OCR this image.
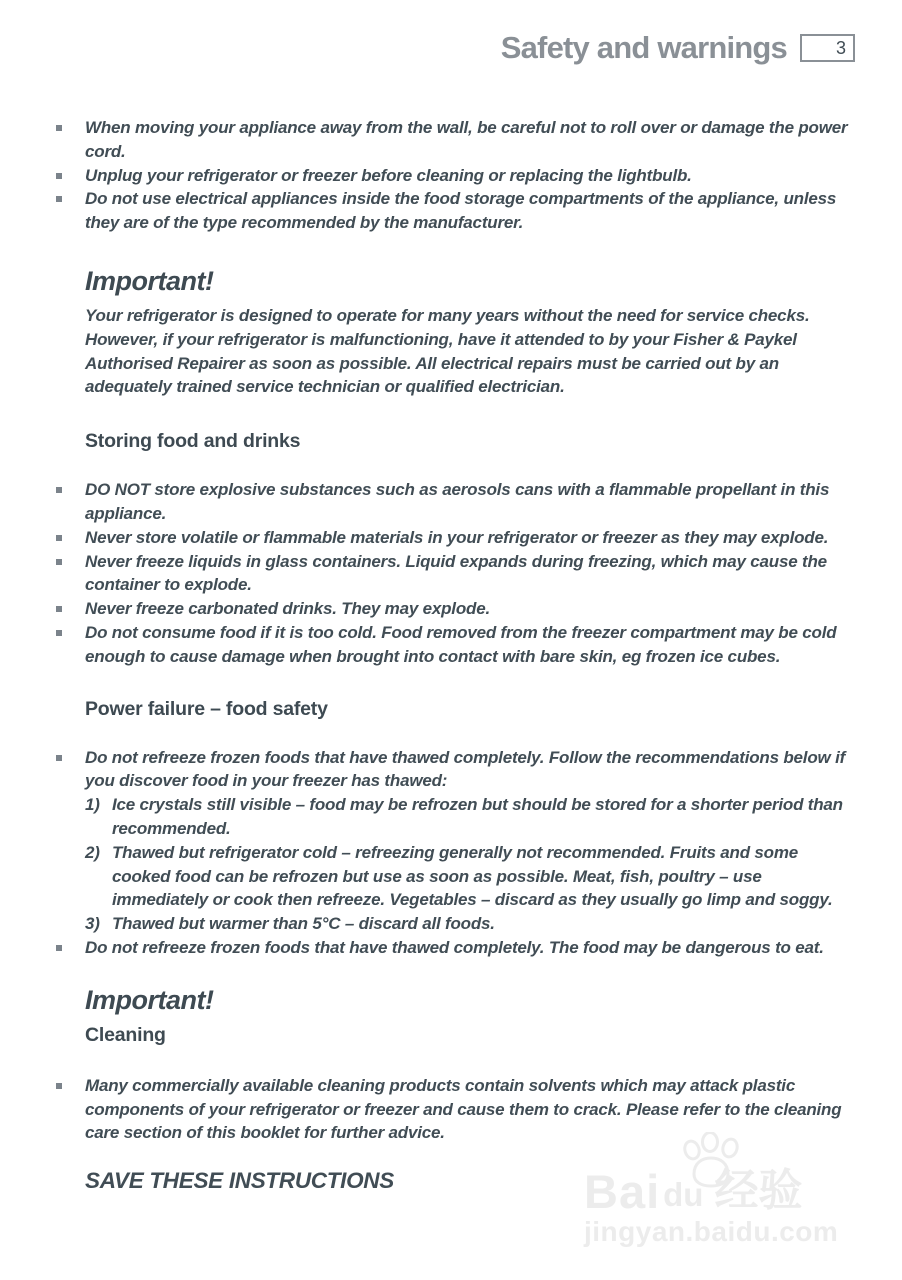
Safety and warnings	3
When moving your appliance away from the wall, be careful not to roll over or damage the power cord.
Unplug your refrigerator or freezer before cleaning or replacing the lightbulb.
Do not use electrical appliances inside the food storage compartments of the appliance, unless they are of the type recommended by the manufacturer.
Important!

Your refrigerator is designed to operate for many years without the need for service checks. However, if your refrigerator is malfunctioning, have it attended to by your Fisher & Paykel Authorised Repairer as soon as possible. All electrical repairs must be carried out by an adequately trained service technician or qualified electrician.

Storing food and drinks
DO NOT store explosive substances such as aerosols cans with a flammable propellant in this appliance.
Never store volatile or flammable materials in your refrigerator or freezer as they may explode.
Never freeze liquids in glass containers. Liquid expands during freezing, which may cause the container to explode.
Never freeze carbonated drinks. They may explode.
Do not consume food if it is too cold. Food removed from the freezer compartment may be cold enough to cause damage when brought into contact with bare skin, eg frozen ice cubes.
Power failure – food safety
Do not refreeze frozen foods that have thawed completely. Follow the recommendations below if you discover food in your freezer has thawed:
1) Ice crystals still visible – food may be refrozen but should be stored for a shorter period than recommended.
2) Thawed but refrigerator cold – refreezing generally not recommended. Fruits and some cooked food can be refrozen but use as soon as possible. Meat, fish, poultry – use immediately or cook then refreeze. Vegetables – discard as they usually go limp and soggy.
3) Thawed but warmer than 5°C – discard all foods.
Do not refreeze frozen foods that have thawed completely. The food may be dangerous to eat.
Important!
Cleaning
Many commercially available cleaning products contain solvents which may attack plastic components of your refrigerator or freezer and cause them to crack. Please refer to the cleaning care section of this booklet for further advice.

SAVE THESE INSTRUCTIONS	Bai du 经验
jingyan.baidu.com
